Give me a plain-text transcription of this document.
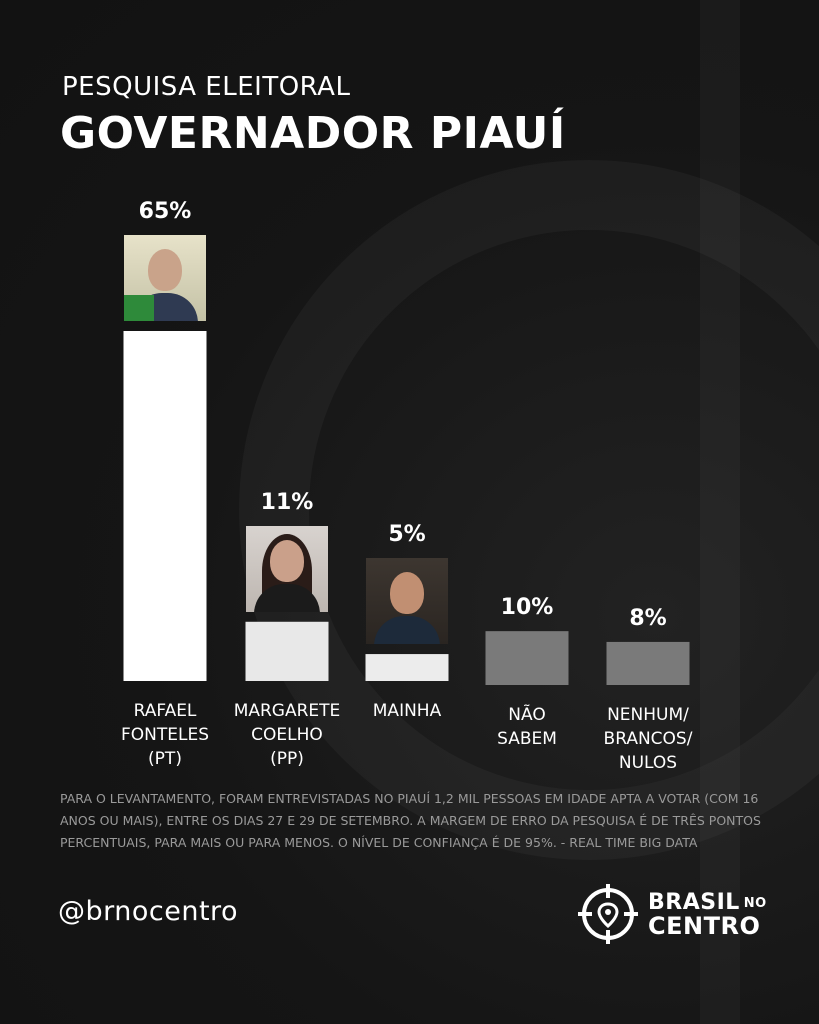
PESQUISA ELEITORAL
GOVERNADOR PIAUÍ
65%
RAFAEL
FONTELES
(PT)
11%
MARGARETE
COELHO
(PP)
5%
MAINHA
10%
NÃO
SABEM
8%
NENHUM/
BRANCOS/
NULOS
PARA O LEVANTAMENTO, FORAM ENTREVISTADAS NO PIAUÍ 1,2 MIL PESSOAS EM IDADE APTA A VOTAR (COM 16 ANOS OU MAIS), ENTRE OS DIAS 27 E 29 DE SETEMBRO. A MARGEM DE ERRO DA PESQUISA É DE TRÊS PONTOS PERCENTUAIS, PARA MAIS OU PARA MENOS. O NÍVEL DE CONFIANÇA É DE 95%. - REAL TIME BIG DATA
@brnocentro	BRASIL NO
CENTRO
